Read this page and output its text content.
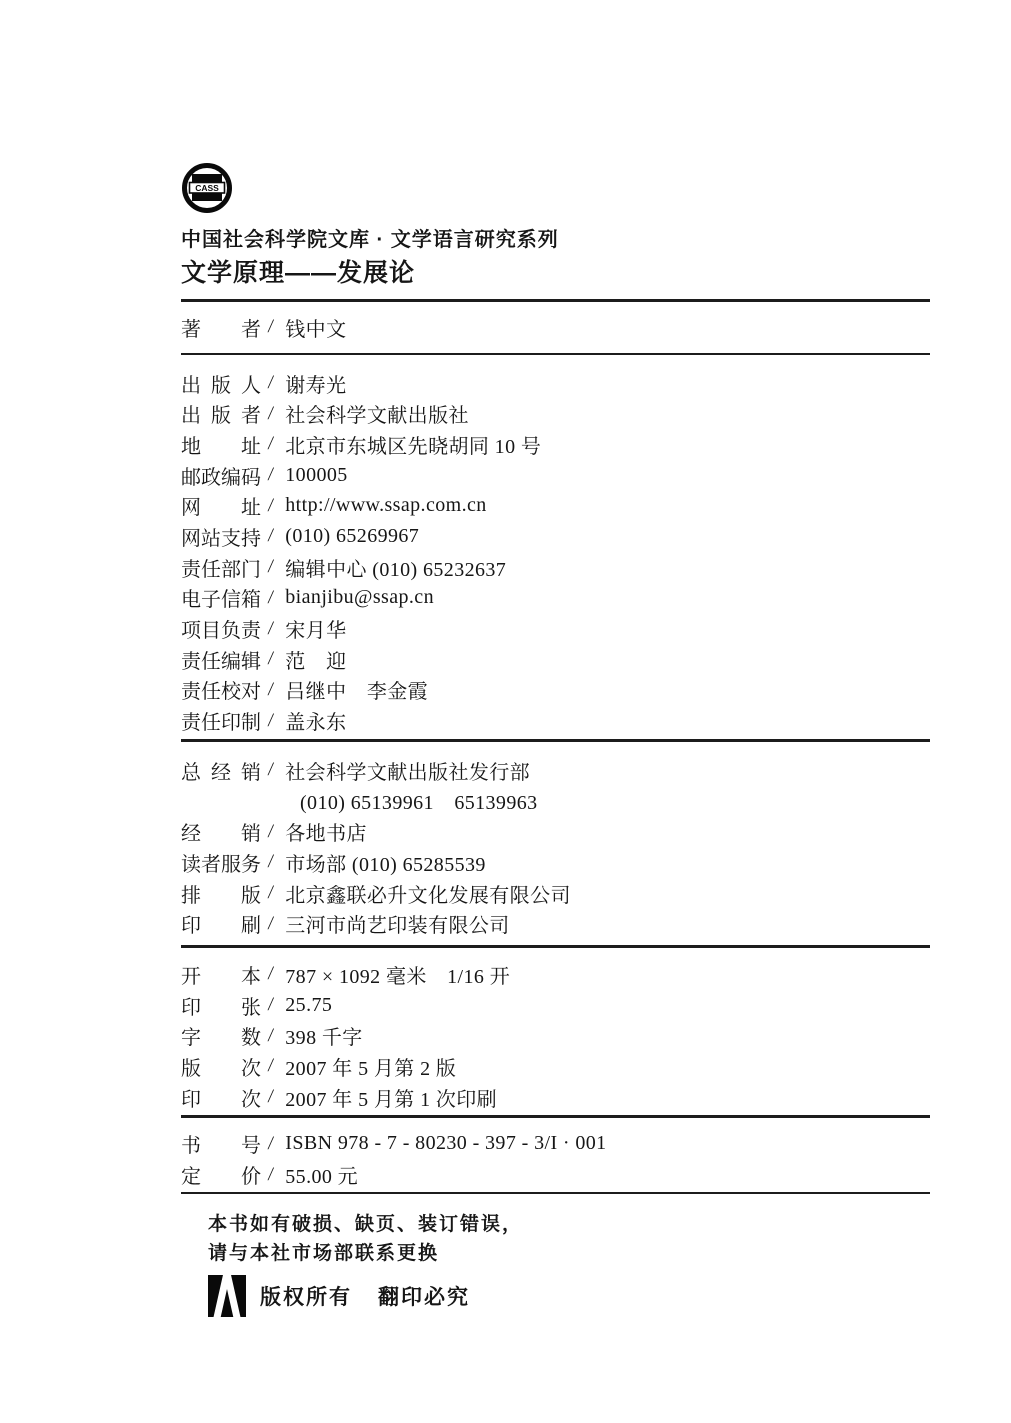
CASS
中国社会科学院文库 · 文学语言研究系列
文学原理——发展论
著 者 / 钱中文
出 版 人 / 谢寿光
出 版 者 / 社会科学文献出版社
地 址 / 北京市东城区先晓胡同 10 号
邮 政 编 码 / 100005
网 址 / http://www.ssap.com.cn
网 站 支 持 / (010) 65269967
责 任 部 门 / 编辑中心 (010) 65232637
电 子 信 箱 / bianjibu@ssap.cn
项 目 负 责 / 宋月华
责 任 编 辑 / 范　迎
责 任 校 对 / 吕继中　李金霞
责 任 印 制 / 盖永东
总 经 销 / 社会科学文献出版社发行部
(010) 65139961　65139963
经 销 / 各地书店
读 者 服 务 / 市场部 (010) 65285539
排 版 / 北京鑫联必升文化发展有限公司
印 刷 / 三河市尚艺印装有限公司
开 本 / 787 × 1092 毫米　1/16 开
印 张 / 25.75
字 数 / 398 千字
版 次 / 2007 年 5 月第 2 版
印 次 / 2007 年 5 月第 1 次印刷
书 号 / ISBN 978 - 7 - 80230 - 397 - 3/I · 001
定 价 / 55.00 元
本书如有破损、缺页、装订错误，
请与本社市场部联系更换
版权所有 翻印必究
